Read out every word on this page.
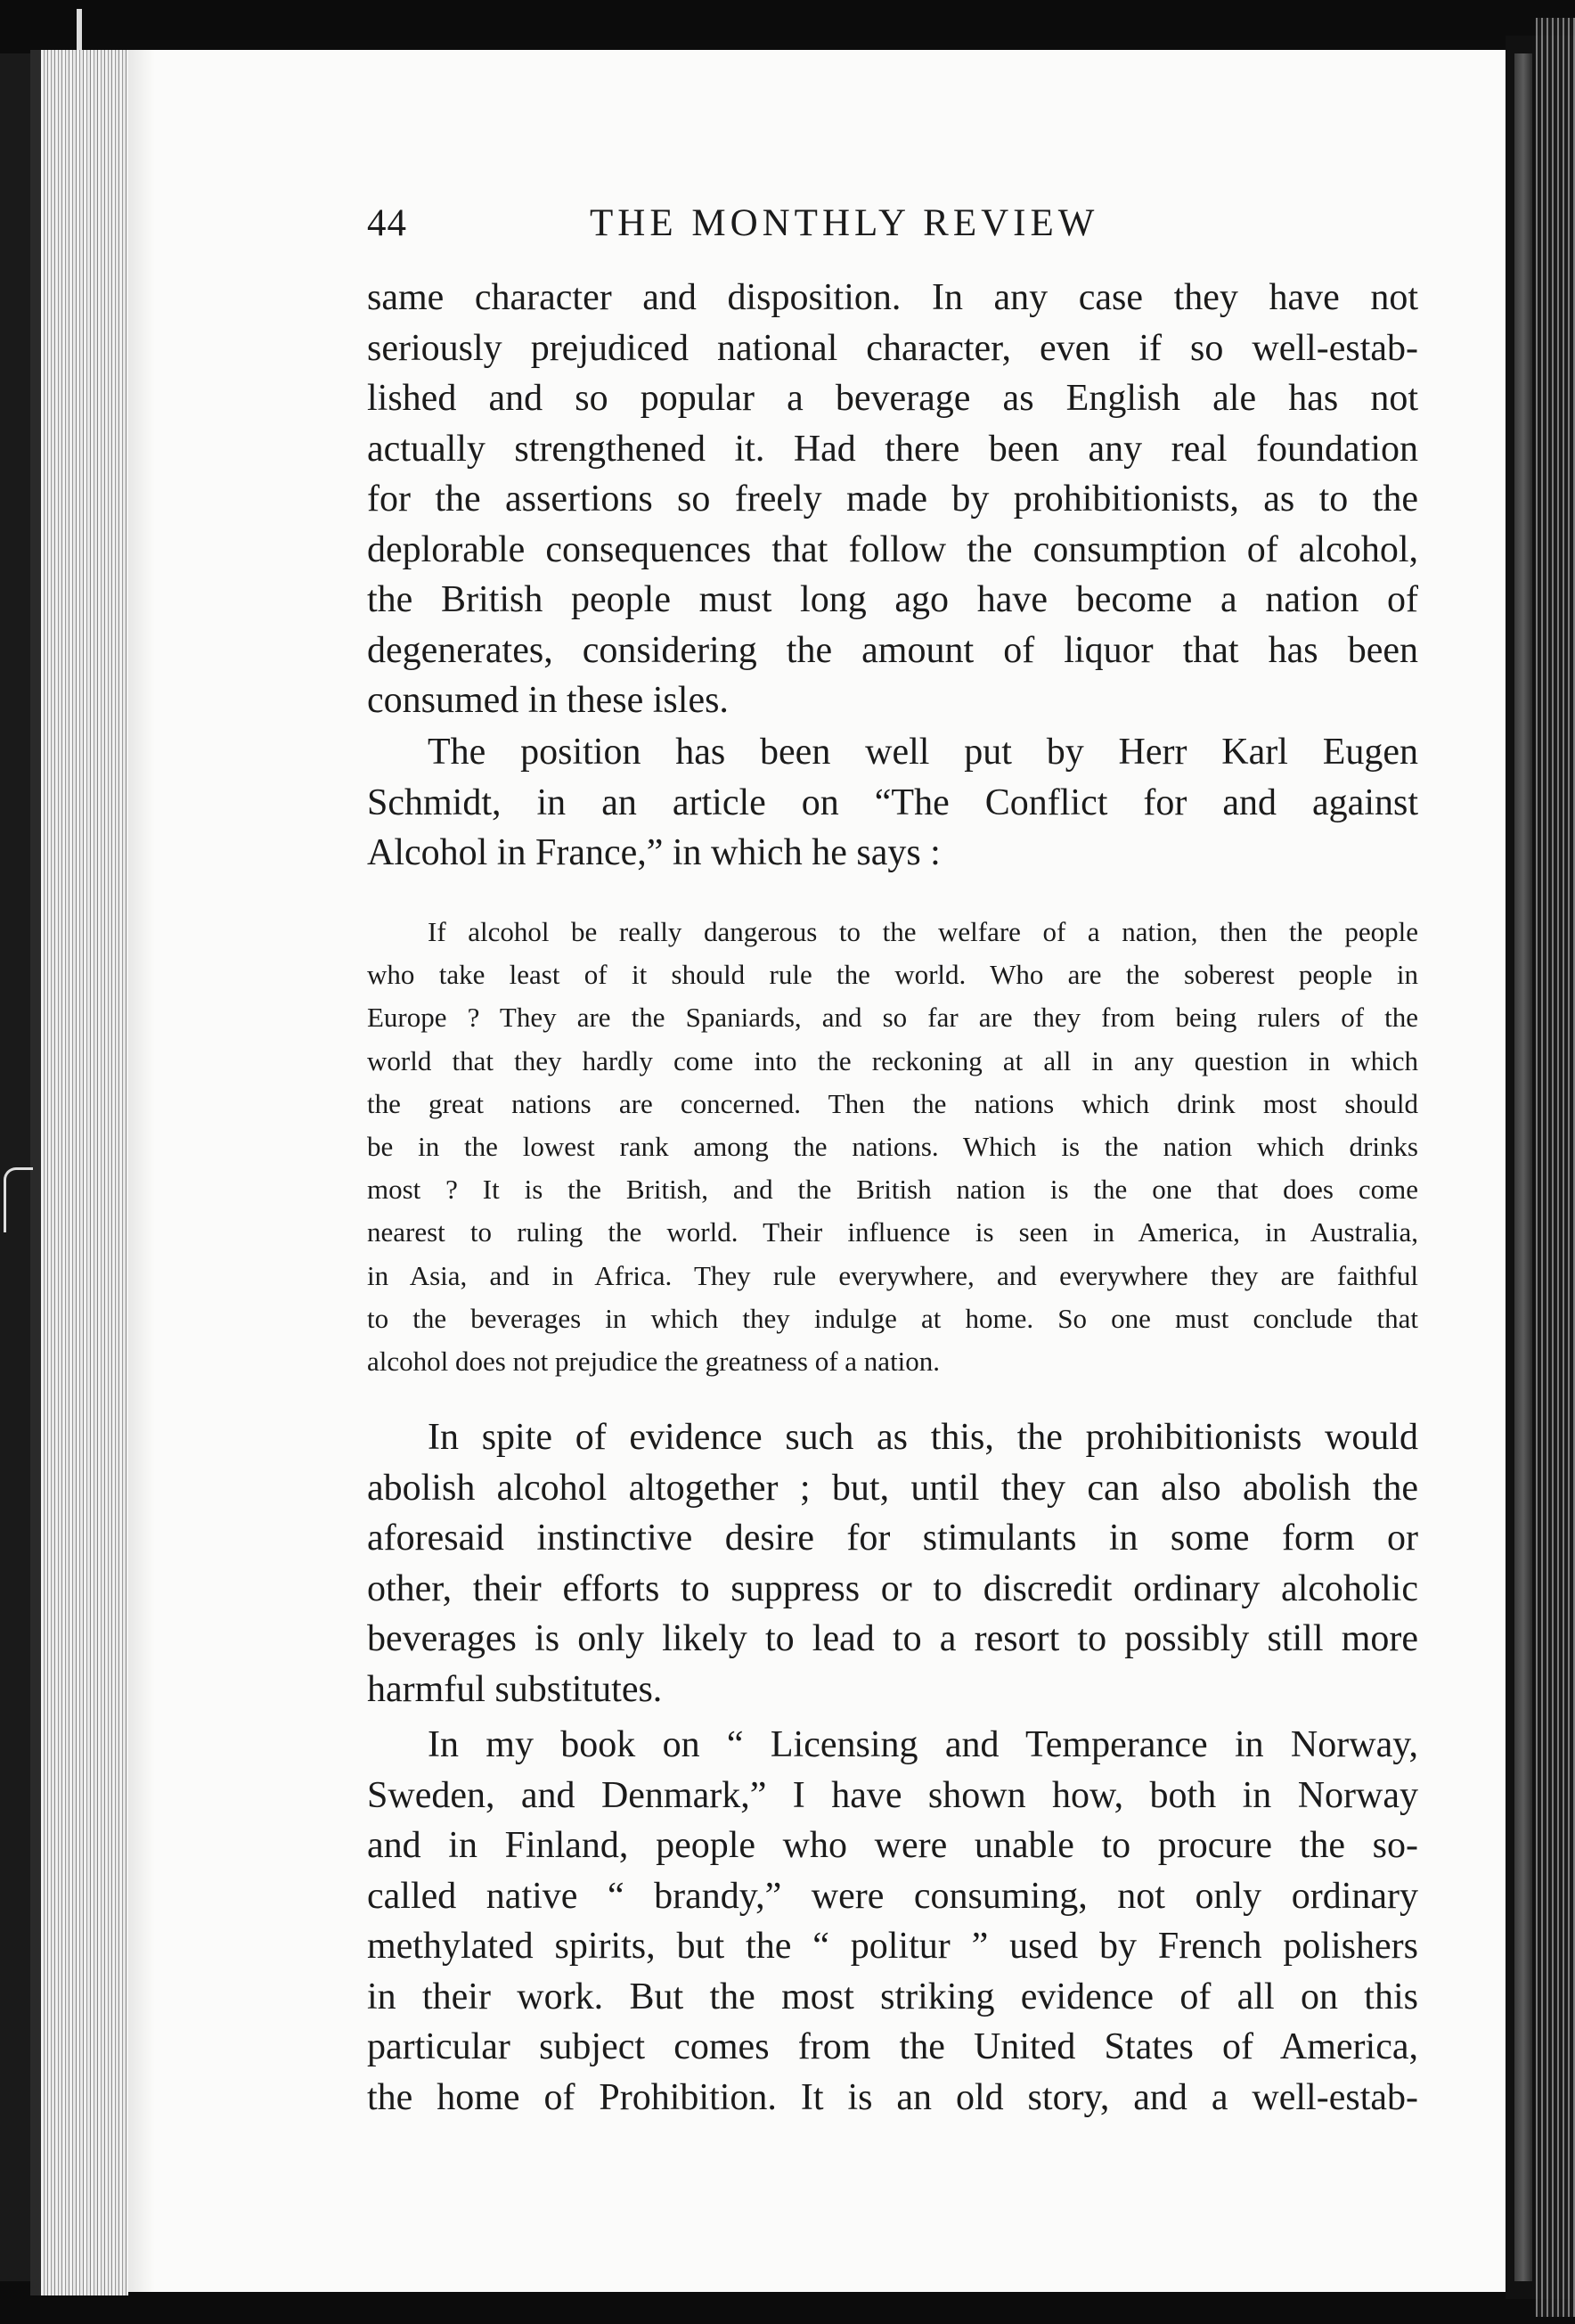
44	THE MONTHLY REVIEW
same character and disposition. In any case they have not
seriously prejudiced national character, even if so well-estab-
lished and so popular a beverage as English ale has not
actually strengthened it. Had there been any real foundation
for the assertions so freely made by prohibitionists, as to the
deplorable consequences that follow the consumption of alcohol,
the British people must long ago have become a nation of
degenerates, considering the amount of liquor that has been
consumed in these isles.
The position has been well put by Herr Karl Eugen
Schmidt, in an article on “The Conflict for and against
Alcohol in France,” in which he says :
If alcohol be really dangerous to the welfare of a nation, then the people
who take least of it should rule the world. Who are the soberest people in
Europe ? They are the Spaniards, and so far are they from being rulers of the
world that they hardly come into the reckoning at all in any question in which
the great nations are concerned. Then the nations which drink most should
be in the lowest rank among the nations. Which is the nation which drinks
most ? It is the British, and the British nation is the one that does come
nearest to ruling the world. Their influence is seen in America, in Australia,
in Asia, and in Africa. They rule everywhere, and everywhere they are faithful
to the beverages in which they indulge at home. So one must conclude that
alcohol does not prejudice the greatness of a nation.
In spite of evidence such as this, the prohibitionists would
abolish alcohol altogether ; but, until they can also abolish the
aforesaid instinctive desire for stimulants in some form or
other, their efforts to suppress or to discredit ordinary alcoholic
beverages is only likely to lead to a resort to possibly still more
harmful substitutes.
In my book on “ Licensing and Temperance in Norway,
Sweden, and Denmark,” I have shown how, both in Norway
and in Finland, people who were unable to procure the so-
called native “ brandy,” were consuming, not only ordinary
methylated spirits, but the “ politur ” used by French polishers
in their work. But the most striking evidence of all on this
particular subject comes from the United States of America,
the home of Prohibition. It is an old story, and a well-estab-
